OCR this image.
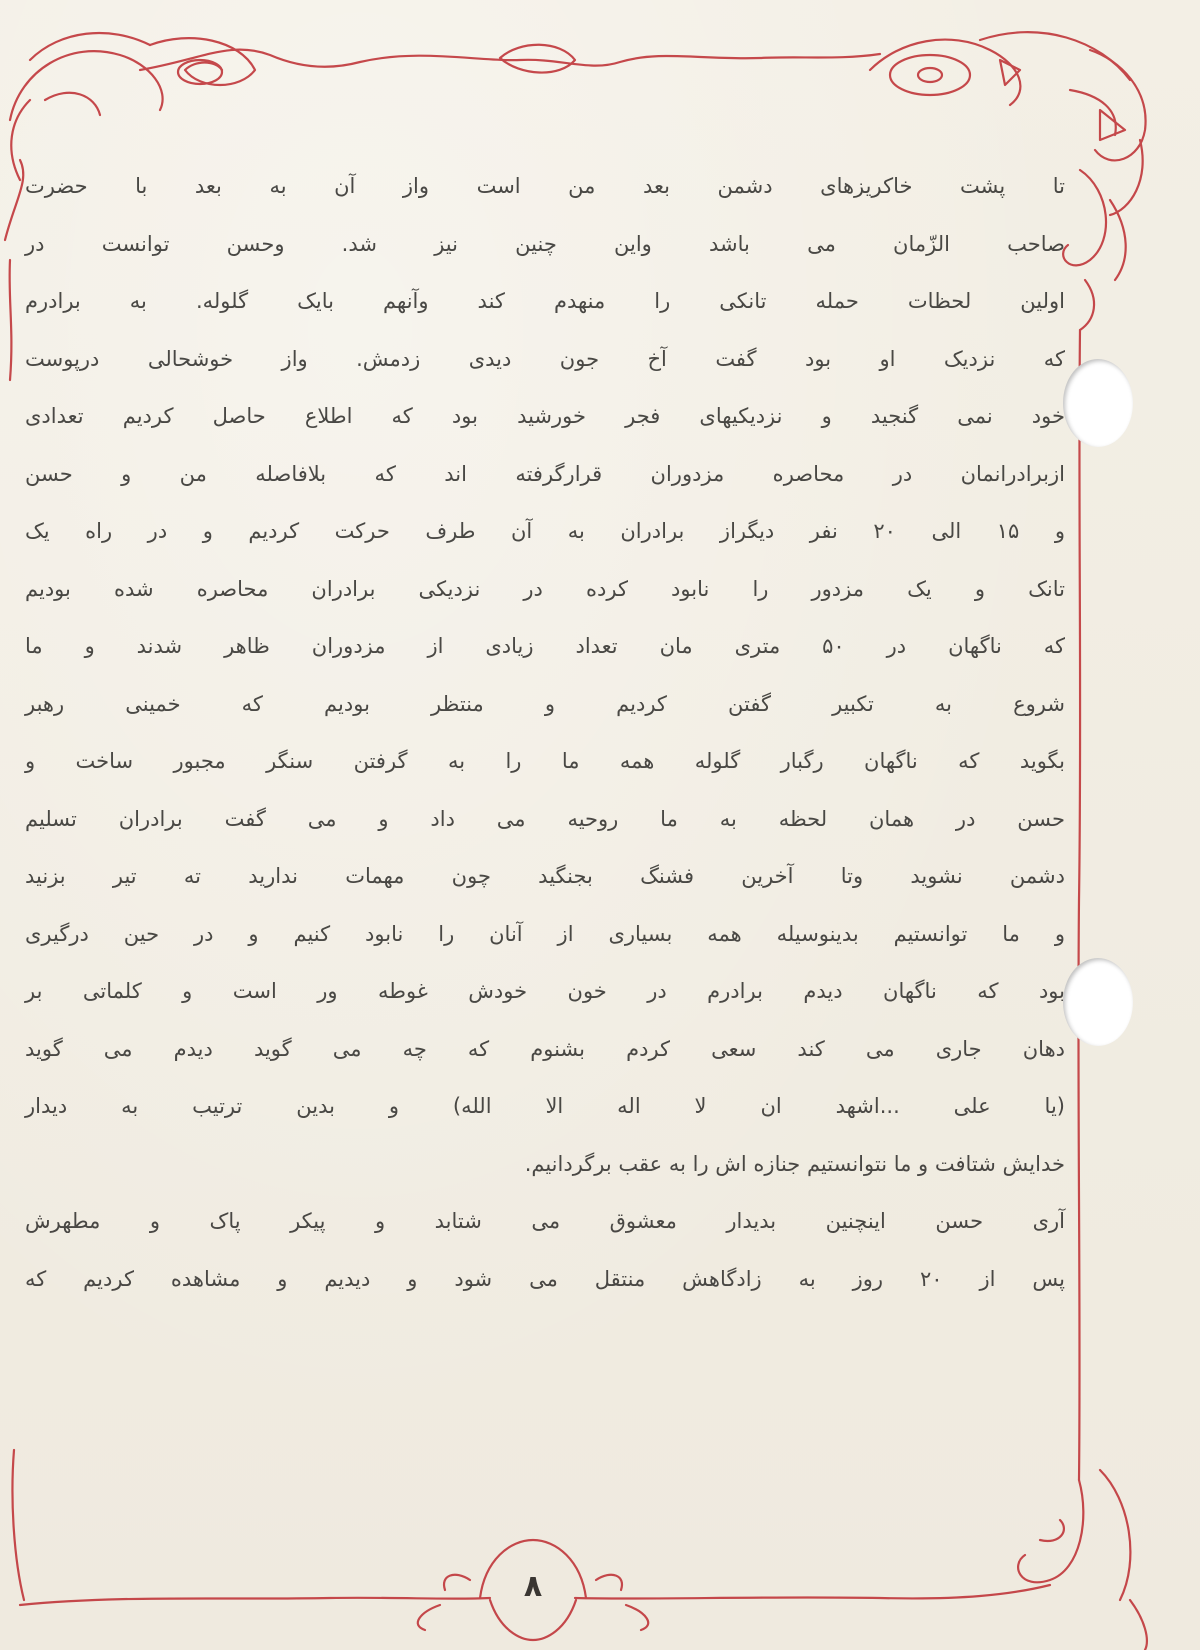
تا پشت خاکریزهای دشمن بعد من است واز آن به بعد با حضرت
صاحب الزّمان می باشد واین چنین نیز شد. وحسن توانست در
اولین لحظات حمله تانکی را منهدم کند وآنهم بایک گلوله. به برادرم
که نزدیک او بود گفت آخ جون دیدی زدمش. واز خوشحالی درپوست
خود نمی گنجید و نزدیکیهای فجر خورشید بود که اطلاع حاصل کردیم تعدادی
ازبرادرانمان در محاصره مزدوران قرارگرفته اند که بلافاصله من و حسن
و ۱۵ الی ۲۰ نفر دیگراز برادران به آن طرف حرکت کردیم و در راه یک
تانک و یک مزدور را نابود کرده در نزدیکی برادران محاصره شده بودیم
که ناگهان در ۵۰ متری مان تعداد زیادی از مزدوران ظاهر شدند و ما
شروع به تکبیر گفتن کردیم و منتظر بودیم که خمینی رهبر
بگوید که ناگهان رگبار گلوله همه ما را به گرفتن سنگر مجبور ساخت و
حسن در همان لحظه به ما روحیه می داد و می گفت برادران تسلیم
دشمن نشوید وتا آخرین فشنگ بجنگید چون مهمات ندارید ته تیر بزنید
و ما توانستیم بدینوسیله همه بسیاری از آنان را نابود کنیم و در حین درگیری
بود که ناگهان دیدم برادرم در خون خودش غوطه ور است و کلماتی بر
دهان جاری می کند سعی کردم بشنوم که چه می گوید دیدم می گوید
(یا علی ...اشهد ان لا اله الا الله) و بدین ترتیب به دیدار
خدایش شتافت و ما نتوانستیم جنازه اش را به عقب برگردانیم.
آری حسن اینچنین بدیدار معشوق می شتابد و پیکر پاک و مطهرش
پس از ۲۰ روز به زادگاهش منتقل می شود و دیدیم و مشاهده کردیم که
۸
